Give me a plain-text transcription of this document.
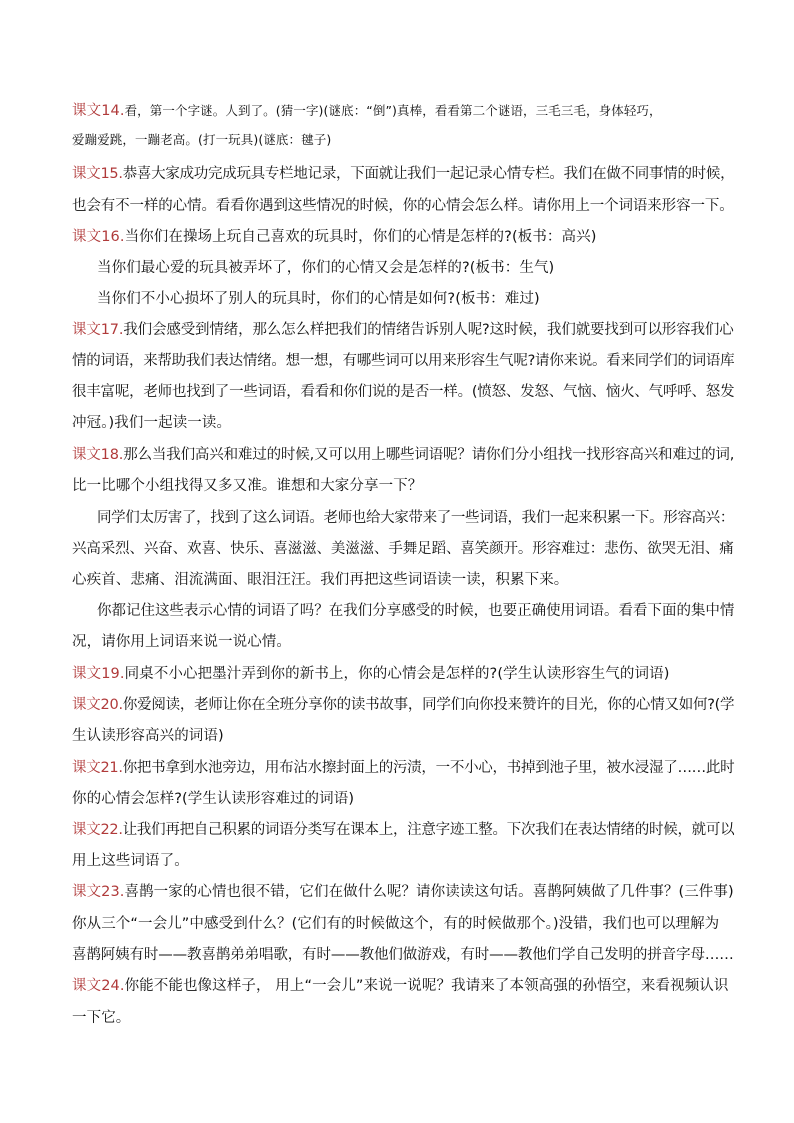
课文14.看，第一个字谜。人到了。(猜一字)(谜底：“倒”)真棒，看看第二个谜语，三毛三毛，身体轻巧，
爱蹦爱跳，一蹦老高。(打一玩具)(谜底：毽子)
课文15.恭喜大家成功完成玩具专栏地记录，下面就让我们一起记录心情专栏。我们在做不同事情的时候，
也会有不一样的心情。看看你遇到这些情况的时候，你的心情会怎么样。请你用上一个词语来形容一下。
课文16.当你们在操场上玩自己喜欢的玩具时，你们的心情是怎样的?(板书：高兴)
当你们最心爱的玩具被弄坏了，你们的心情又会是怎样的?(板书：生气)
当你们不小心损坏了别人的玩具时，你们的心情是如何?(板书：难过)
课文17.我们会感受到情绪，那么怎么样把我们的情绪告诉别人呢?这时候，我们就要找到可以形容我们心
情的词语，来帮助我们表达情绪。想一想，有哪些词可以用来形容生气呢?请你来说。看来同学们的词语库
很丰富呢，老师也找到了一些词语，看看和你们说的是否一样。(愤怒、发怒、气恼、恼火、气呼呼、怒发
冲冠。)我们一起读一读。
课文18.那么当我们高兴和难过的时候,又可以用上哪些词语呢？请你们分小组找一找形容高兴和难过的词,
比一比哪个小组找得又多又准。谁想和大家分享一下？
同学们太厉害了，找到了这么词语。老师也给大家带来了一些词语，我们一起来积累一下。形容高兴：
兴高采烈、兴奋、欢喜、快乐、喜滋滋、美滋滋、手舞足蹈、喜笑颜开。形容难过：悲伤、欲哭无泪、痛
心疾首、悲痛、泪流满面、眼泪汪汪。我们再把这些词语读一读，积累下来。
你都记住这些表示心情的词语了吗？在我们分享感受的时候，也要正确使用词语。看看下面的集中情
况，请你用上词语来说一说心情。
课文19.同桌不小心把墨汁弄到你的新书上，你的心情会是怎样的?(学生认读形容生气的词语)
课文20.你爱阅读，老师让你在全班分享你的读书故事，同学们向你投来赞许的目光，你的心情又如何?(学
生认读形容高兴的词语)
课文21.你把书拿到水池旁边，用布沾水擦封面上的污渍，一不小心，书掉到池子里，被水浸湿了……此时
你的心情会怎样?(学生认读形容难过的词语)
课文22.让我们再把自己积累的词语分类写在课本上，注意字迹工整。下次我们在表达情绪的时候，就可以
用上这些词语了。
课文23.喜鹊一家的心情也很不错，它们在做什么呢？请你读读这句话。喜鹊阿姨做了几件事？(三件事)
你从三个“一会儿”中感受到什么？(它们有的时候做这个，有的时候做那个。)没错，我们也可以理解为
喜鹊阿姨有时——教喜鹊弟弟唱歌，有时——教他们做游戏，有时——教他们学自己发明的拼音字母……
课文24.你能不能也像这样子， 用上“一会儿”来说一说呢？我请来了本领高强的孙悟空，来看视频认识
一下它。
